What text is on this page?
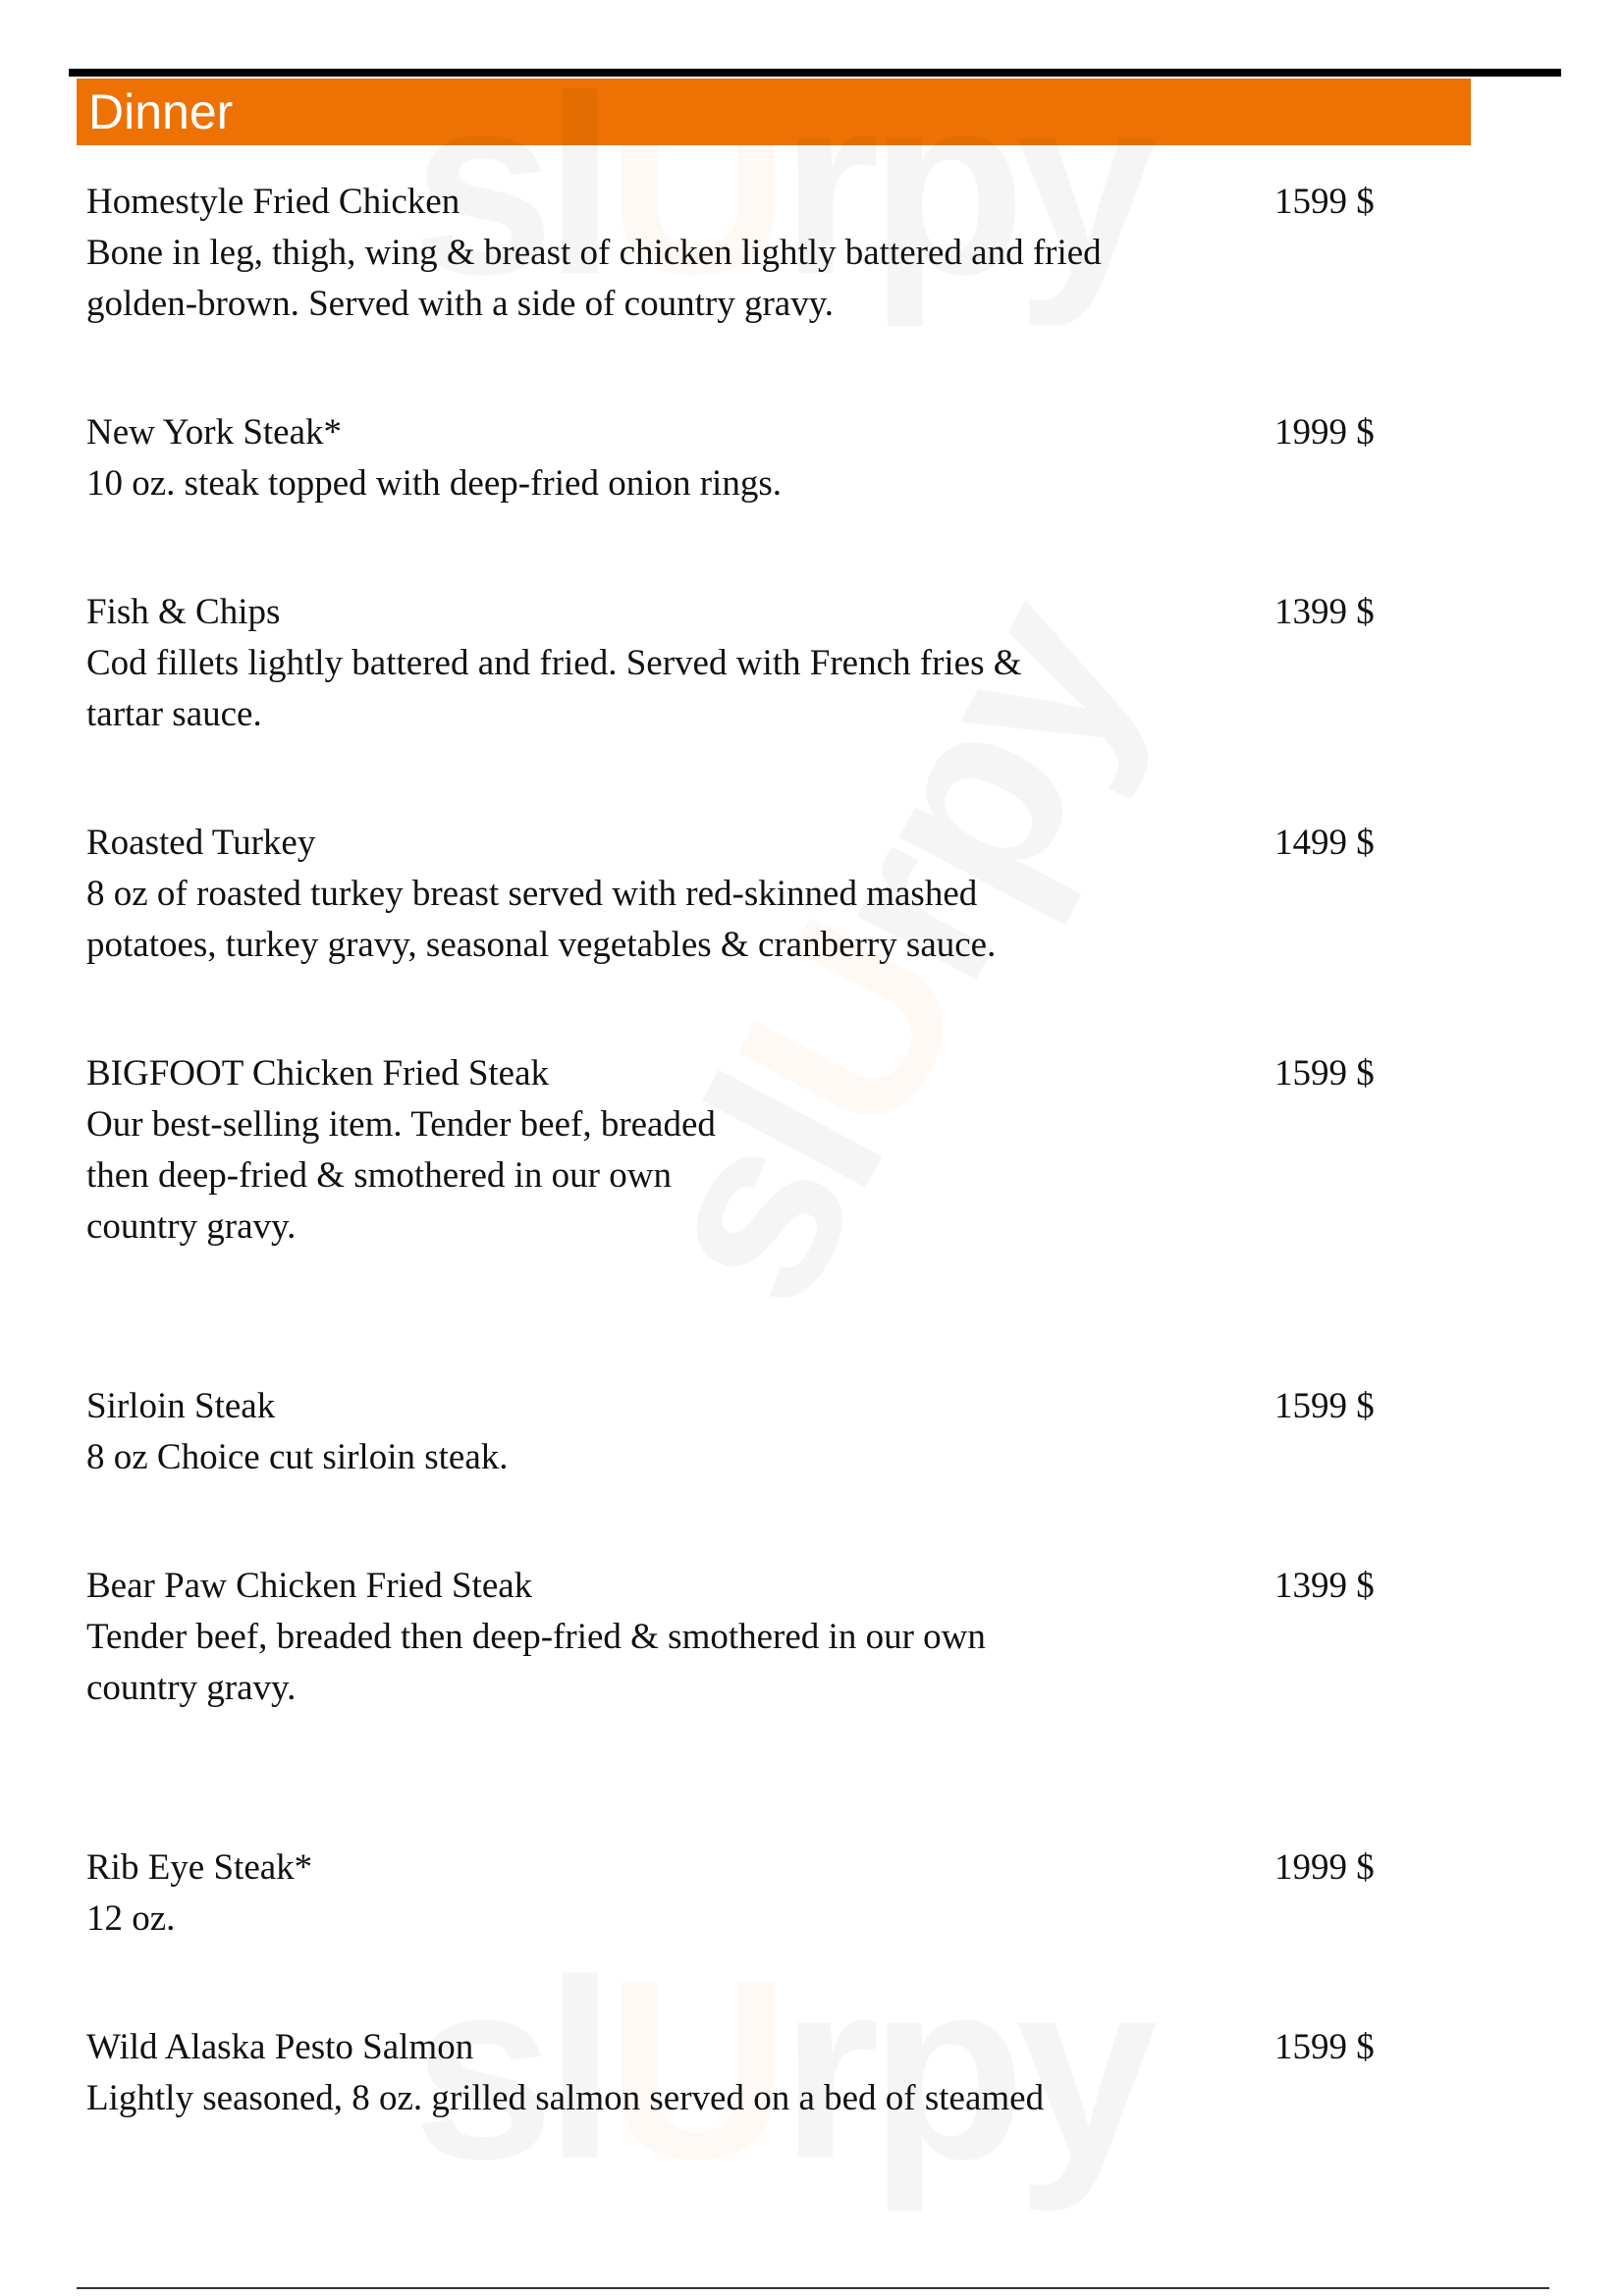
Dinner
Homestyle Fried Chicken
Bone in leg, thigh, wing & breast of chicken lightly battered and fried
golden-brown. Served with a side of country gravy.
1599 $
New York Steak*
10 oz. steak topped with deep-fried onion rings.
1999 $
Fish & Chips
Cod fillets lightly battered and fried. Served with French fries &
tartar sauce.
1399 $
Roasted Turkey
8 oz of roasted turkey breast served with red-skinned mashed
potatoes, turkey gravy, seasonal vegetables & cranberry sauce.
1499 $
BIGFOOT Chicken Fried Steak
Our best-selling item. Tender beef, breaded
then deep-fried & smothered in our own
country gravy.
1599 $
Sirloin Steak
8 oz Choice cut sirloin steak.
1599 $
Bear Paw Chicken Fried Steak
Tender beef, breaded then deep-fried & smothered in our own
country gravy.
1399 $
Rib Eye Steak*
12 oz.
1999 $
Wild Alaska Pesto Salmon
Lightly seasoned, 8 oz. grilled salmon served on a bed of steamed
1599 $
